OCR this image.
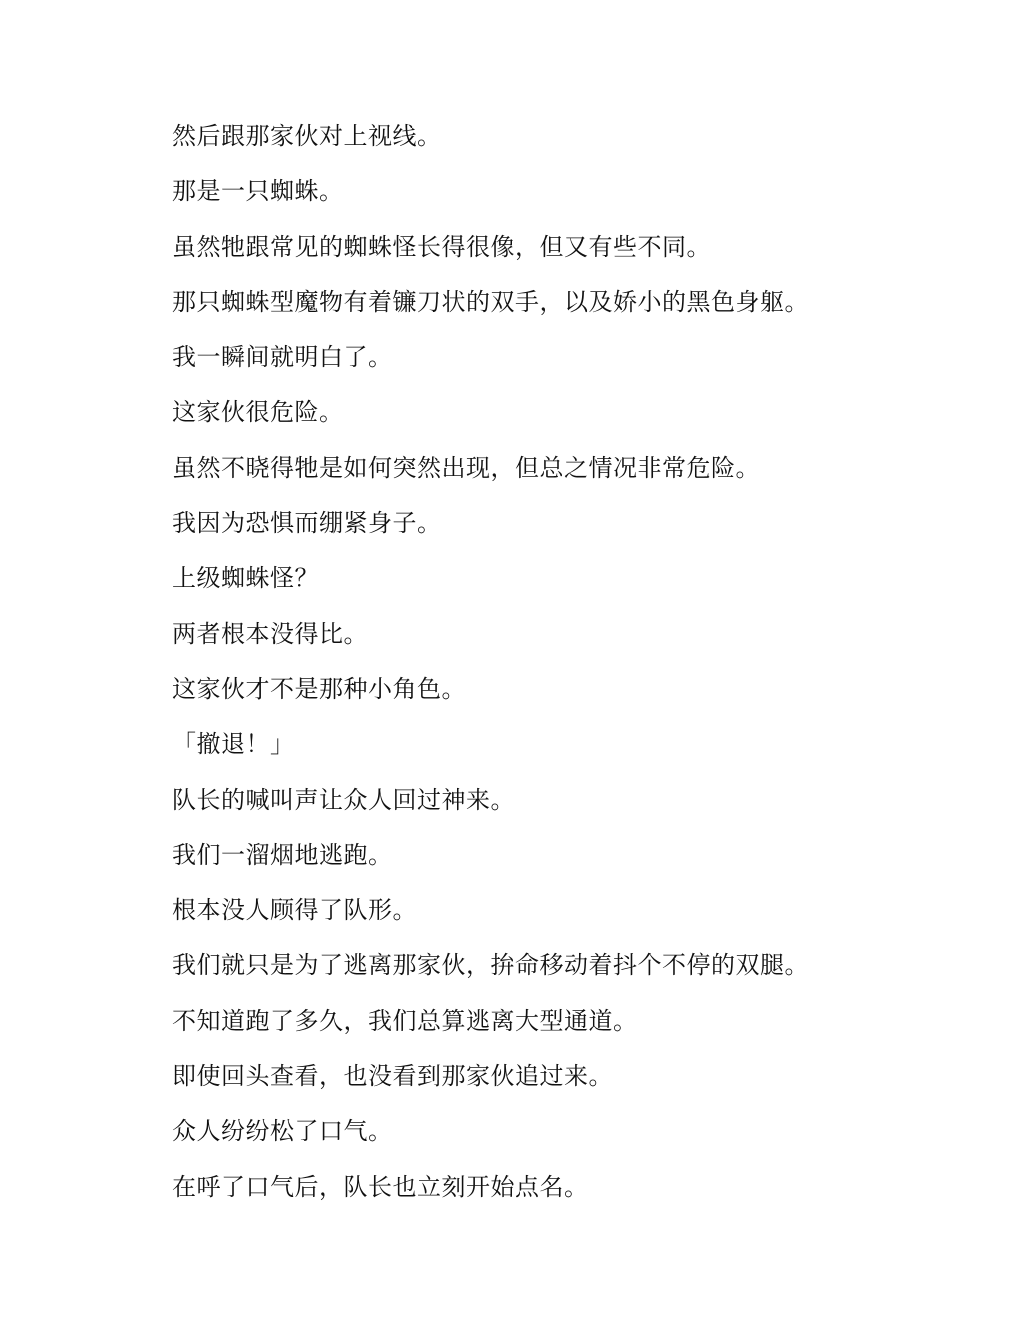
然后跟那家伙对上视线。

那是一只蜘蛛。

虽然牠跟常见的蜘蛛怪长得很像，但又有些不同。

那只蜘蛛型魔物有着镰刀状的双手，以及娇小的黑色身躯。

我一瞬间就明白了。

这家伙很危险。

虽然不晓得牠是如何突然出现，但总之情况非常危险。

我因为恐惧而绷紧身子。

上级蜘蛛怪？

两者根本没得比。

这家伙才不是那种小角色。

「撤退！」

队长的喊叫声让众人回过神来。

我们一溜烟地逃跑。

根本没人顾得了队形。

我们就只是为了逃离那家伙，拚命移动着抖个不停的双腿。

不知道跑了多久，我们总算逃离大型通道。

即使回头查看，也没看到那家伙追过来。

众人纷纷松了口气。

在呼了口气后，队长也立刻开始点名。
